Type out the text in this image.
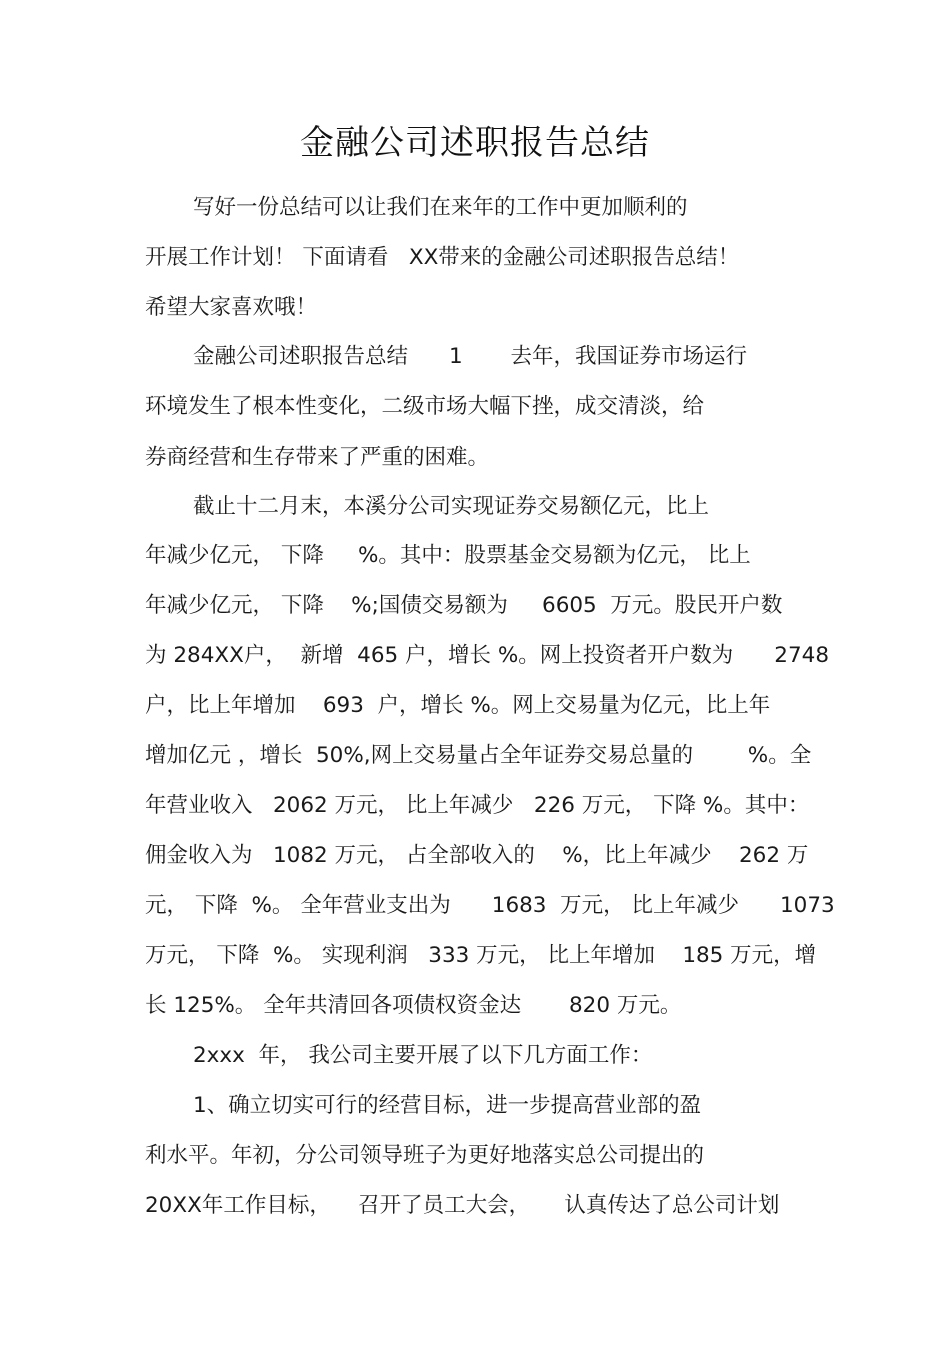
金融公司述职报告总结
写好一份总结可以让我们在来年的工作中更加顺利的
开展工作计划！ 下面请看   XX带来的金融公司述职报告总结！
希望大家喜欢哦！
金融公司述职报告总结      1       去年，我国证券市场运行
环境发生了根本性变化，二级市场大幅下挫，成交清淡，给
券商经营和生存带来了严重的困难。
截止十二月末，本溪分公司实现证券交易额亿元，比上
年减少亿元， 下降     %。其中：股票基金交易额为亿元， 比上
年减少亿元， 下降    %;国债交易额为     6605  万元。股民开户数
为 284XX户，  新增  465 户，增长 %。网上投资者开户数为      2748
户，比上年增加    693  户，增长 %。网上交易量为亿元，比上年
增加亿元 ，增长  50%,网上交易量占全年证券交易总量的        %。全
年营业收入   2062 万元， 比上年减少   226 万元， 下降 %。其中：
佣金收入为   1082 万元， 占全部收入的    %，比上年减少    262 万
元， 下降  %。 全年营业支出为      1683  万元， 比上年减少      1073
万元， 下降  %。 实现利润   333 万元， 比上年增加    185 万元，增
长 125%。 全年共清回各项债权资金达       820 万元。
2xxx  年， 我公司主要开展了以下几方面工作：
1、确立切实可行的经营目标，进一步提高营业部的盈
利水平。年初，分公司领导班子为更好地落实总公司提出的
20XX年工作目标，    召开了员工大会，     认真传达了总公司计划
